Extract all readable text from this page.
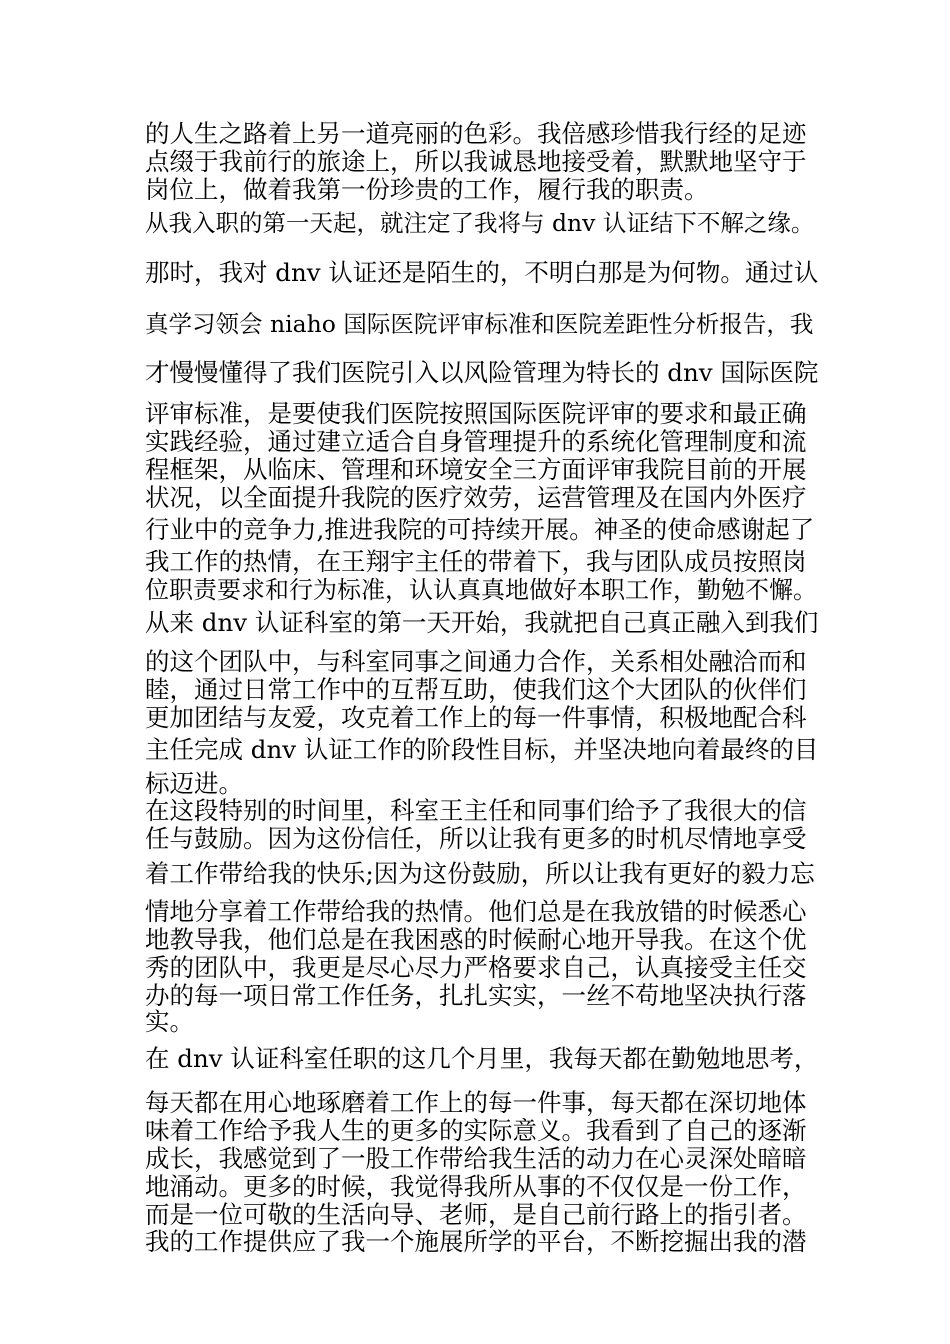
的人生之路着上另一道亮丽的色彩。我倍感珍惜我行经的足迹
点缀于我前行的旅途上，所以我诚恳地接受着，默默地坚守于
岗位上，做着我第一份珍贵的工作，履行我的职责。
从我入职的第一天起，就注定了我将与 dnv 认证结下不解之缘。
那时，我对 dnv 认证还是陌生的，不明白那是为何物。通过认
真学习领会 niaho 国际医院评审标准和医院差距性分析报告，我
才慢慢懂得了我们医院引入以风险管理为特长的 dnv 国际医院
评审标准，是要使我们医院按照国际医院评审的要求和最正确
实践经验，通过建立适合自身管理提升的系统化管理制度和流
程框架，从临床、管理和环境安全三方面评审我院目前的开展
状况，以全面提升我院的医疗效劳，运营管理及在国内外医疗
行业中的竞争力,推进我院的可持续开展。神圣的使命感谢起了
我工作的热情，在王翔宇主任的带着下，我与团队成员按照岗
位职责要求和行为标准，认认真真地做好本职工作，勤勉不懈。
从来 dnv 认证科室的第一天开始，我就把自己真正融入到我们
的这个团队中，与科室同事之间通力合作，关系相处融洽而和
睦，通过日常工作中的互帮互助，使我们这个大团队的伙伴们
更加团结与友爱，攻克着工作上的每一件事情，积极地配合科
主任完成 dnv 认证工作的阶段性目标，并坚决地向着最终的目
标迈进。
在这段特别的时间里，科室王主任和同事们给予了我很大的信
任与鼓励。因为这份信任，所以让我有更多的时机尽情地享受
着工作带给我的快乐;因为这份鼓励，所以让我有更好的毅力忘
情地分享着工作带给我的热情。他们总是在我放错的时候悉心
地教导我，他们总是在我困惑的时候耐心地开导我。在这个优
秀的团队中，我更是尽心尽力严格要求自己，认真接受主任交
办的每一项日常工作任务，扎扎实实，一丝不苟地坚决执行落
实。
在 dnv 认证科室任职的这几个月里，我每天都在勤勉地思考，
每天都在用心地琢磨着工作上的每一件事，每天都在深切地体
味着工作给予我人生的更多的实际意义。我看到了自己的逐渐
成长，我感觉到了一股工作带给我生活的动力在心灵深处暗暗
地涌动。更多的时候，我觉得我所从事的不仅仅是一份工作，
而是一位可敬的生活向导、老师，是自己前行路上的指引者。
我的工作提供应了我一个施展所学的平台，不断挖掘出我的潜
